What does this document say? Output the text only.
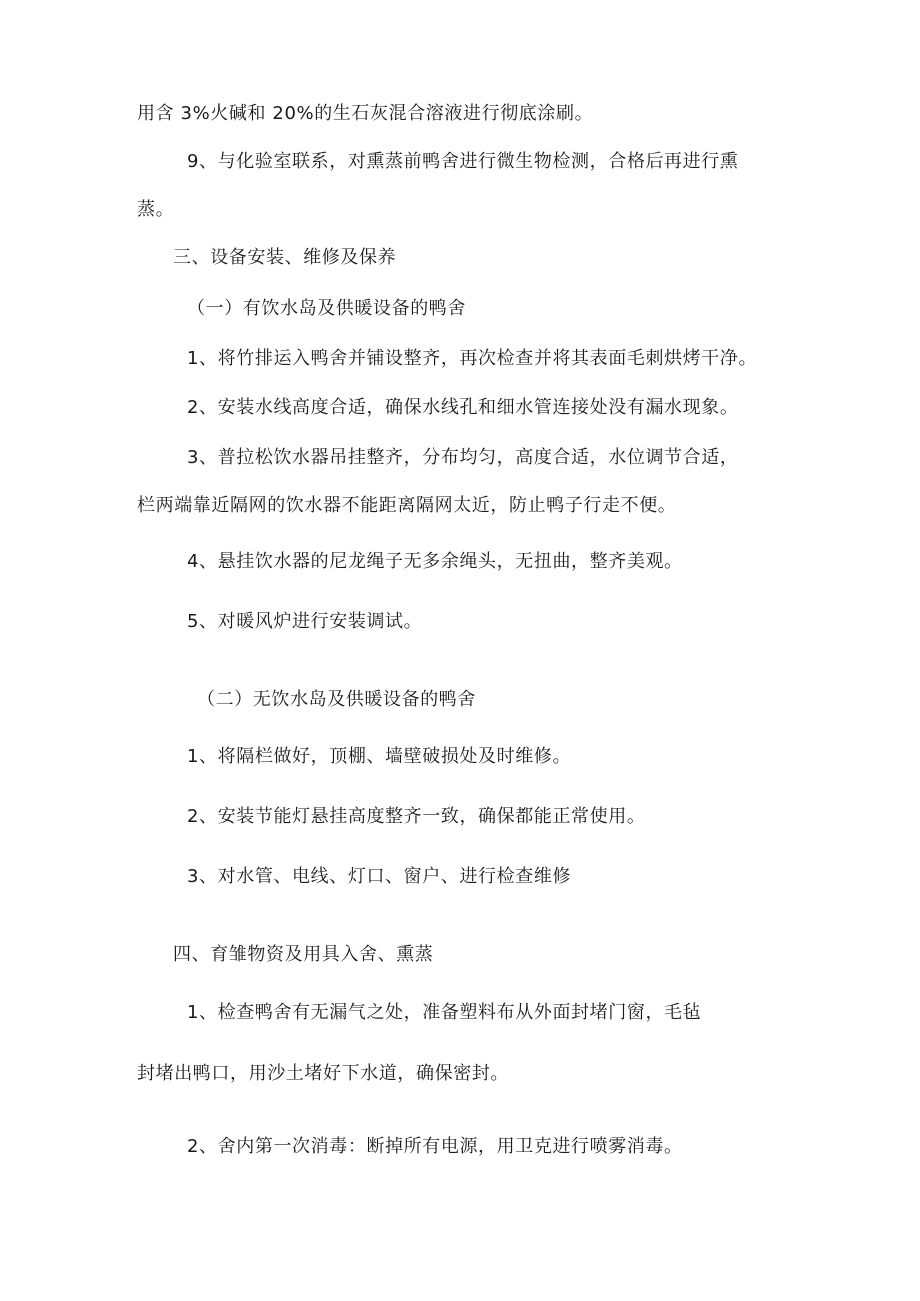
用含 3%火碱和 20%的生石灰混合溶液进行彻底涂刷。

9、与化验室联系，对熏蒸前鸭舍进行微生物检测，合格后再进行熏

蒸。

三、设备安装、维修及保养

（一）有饮水岛及供暖设备的鸭舍

1、将竹排运入鸭舍并铺设整齐，再次检查并将其表面毛刺烘烤干净。

2、安装水线高度合适，确保水线孔和细水管连接处没有漏水现象。

3、普拉松饮水器吊挂整齐，分布均匀，高度合适，水位调节合适，

栏两端靠近隔网的饮水器不能距离隔网太近，防止鸭子行走不便。

4、悬挂饮水器的尼龙绳子无多余绳头，无扭曲，整齐美观。

5、对暖风炉进行安装调试。

（二）无饮水岛及供暖设备的鸭舍

1、将隔栏做好，顶棚、墙壁破损处及时维修。

2、安装节能灯悬挂高度整齐一致，确保都能正常使用。

3、对水管、电线、灯口、窗户、进行检查维修

四、育雏物资及用具入舍、熏蒸

1、检查鸭舍有无漏气之处，准备塑料布从外面封堵门窗，毛毡

封堵出鸭口，用沙土堵好下水道，确保密封。

2、舍内第一次消毒：断掉所有电源，用卫克进行喷雾消毒。
